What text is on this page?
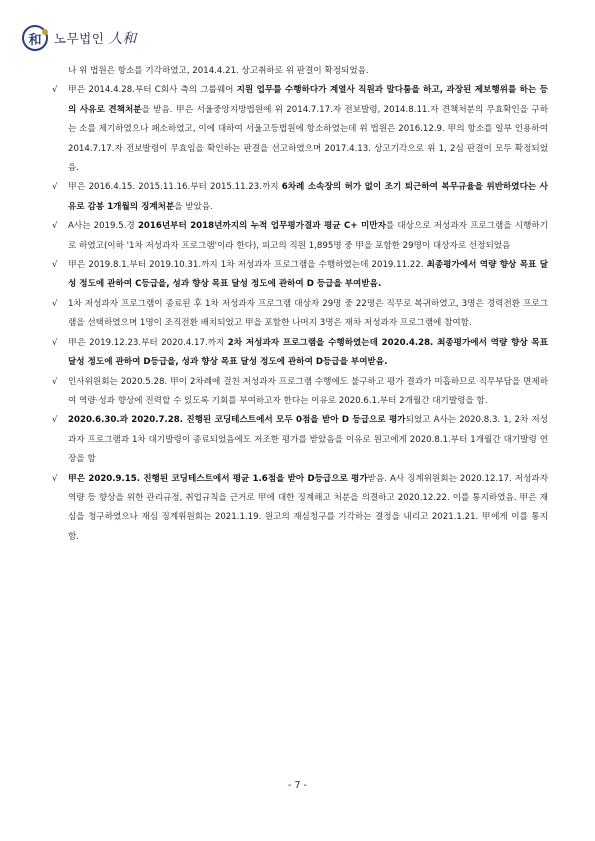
和 노무법인 人和
나 위 법원은 항소를 기각하였고, 2014.4.21. 상고취하로 위 판결이 확정되었음.
√ 甲은 2014.4.28.부터 C회사 측의 그룹웨어 지원 업무를 수행하다가 계열사 직원과 말다툼을 하고, 과장된 제보행위를 하는 등의 사유로 견책처분을 받음. 甲은 서울중앙지방법원에 위 2014.7.17.자 전보발령, 2014.8.11.자 견책처분의 무효확인을 구하는 소를 제기하였으나 패소하였고, 이에 대하여 서울고등법원에 항소하였는데 위 법원은 2016.12.9. 甲의 항소를 일부 인용하여 2014.7.17.자 전보발령이 무효임을 확인하는 판결을 선고하였으며 2017.4.13. 상고기각으로 위 1, 2심 판결이 모두 확정되었음.
√ 甲은 2016.4.15. 2015.11.16.부터 2015.11.23.까지 6차례 소속장의 허가 없이 조기 퇴근하여 복무규율을 위반하였다는 사유로 감봉 1개월의 징계처분을 받았음.
√ A사는 2019.5.경 2016년부터 2018년까지의 누적 업무평가결과 평균 C+ 미만자를 대상으로 저성과자 프로그램을 시행하기로 하였고(이하 '1차 저성과자 프로그램'이라 한다), 피고의 직원 1,895명 중 甲을 포함한 29명이 대상자로 선정되었음
√ 甲은 2019.8.1.부터 2019.10.31.까지 1차 저성과자 프로그램을 수행하였는데 2019.11.22. 최종평가에서 역량 향상 목표 달성 정도에 관하여 C등급을, 성과 향상 목표 달성 정도에 관하여 D 등급을 부여받음.
√ 1차 저성과자 프로그램이 종료된 후 1차 저성과자 프로그램 대상자 29명 중 22명은 직무로 복귀하였고, 3명은 경력전환 프로그램을 선택하였으며 1명이 조직전환 배치되었고 甲을 포함한 나머지 3명은 재차 저성과자 프로그램에 참여함.
√ 甲은 2019.12.23.부터 2020.4.17.까지 2차 저성과자 프로그램을 수행하였는데 2020.4.28. 최종평가에서 역량 향상 목표 달성 정도에 관하여 D등급을, 성과 향상 목표 달성 정도에 관하여 D등급을 부여받음.
√ 인사위원회는 2020.5.28. 甲이 2차례에 걸친 저성과자 프로그램 수행에도 불구하고 평가 결과가 미흡하므로 직무부담을 면제하여 역량·성과 향상에 진력할 수 있도록 기회를 부여하고자 한다는 이유로 2020.6.1.부터 2개월간 대기발령을 함.
√ 2020.6.30.과 2020.7.28. 진행된 코딩테스트에서 모두 0점을 받아 D 등급으로 평가되었고 A사는 2020.8.3. 1, 2차 저성과자 프로그램과 1차 대기발령이 종료되었음에도 저조한 평가를 받았음을 이유로 원고에게 2020.8.1.부터 1개월간 대기발령 연장을 함
√ 甲은 2020.9.15. 진행된 코딩테스트에서 평균 1.6점을 받아 D등급으로 평가받음. A사 징계위원회는 2020.12.17. 저성과자 역량 등 향상을 위한 관리규정, 취업규칙을 근거로 甲에 대한 징계해고 처분을 의결하고 2020.12.22. 이를 통지하였음. 甲은 재심을 청구하였으나 재심 징계위원회는 2021.1.19. 원고의 재심청구를 기각하는 결정을 내리고 2021.1.21. 甲에게 이를 통지함.
- 7 -
